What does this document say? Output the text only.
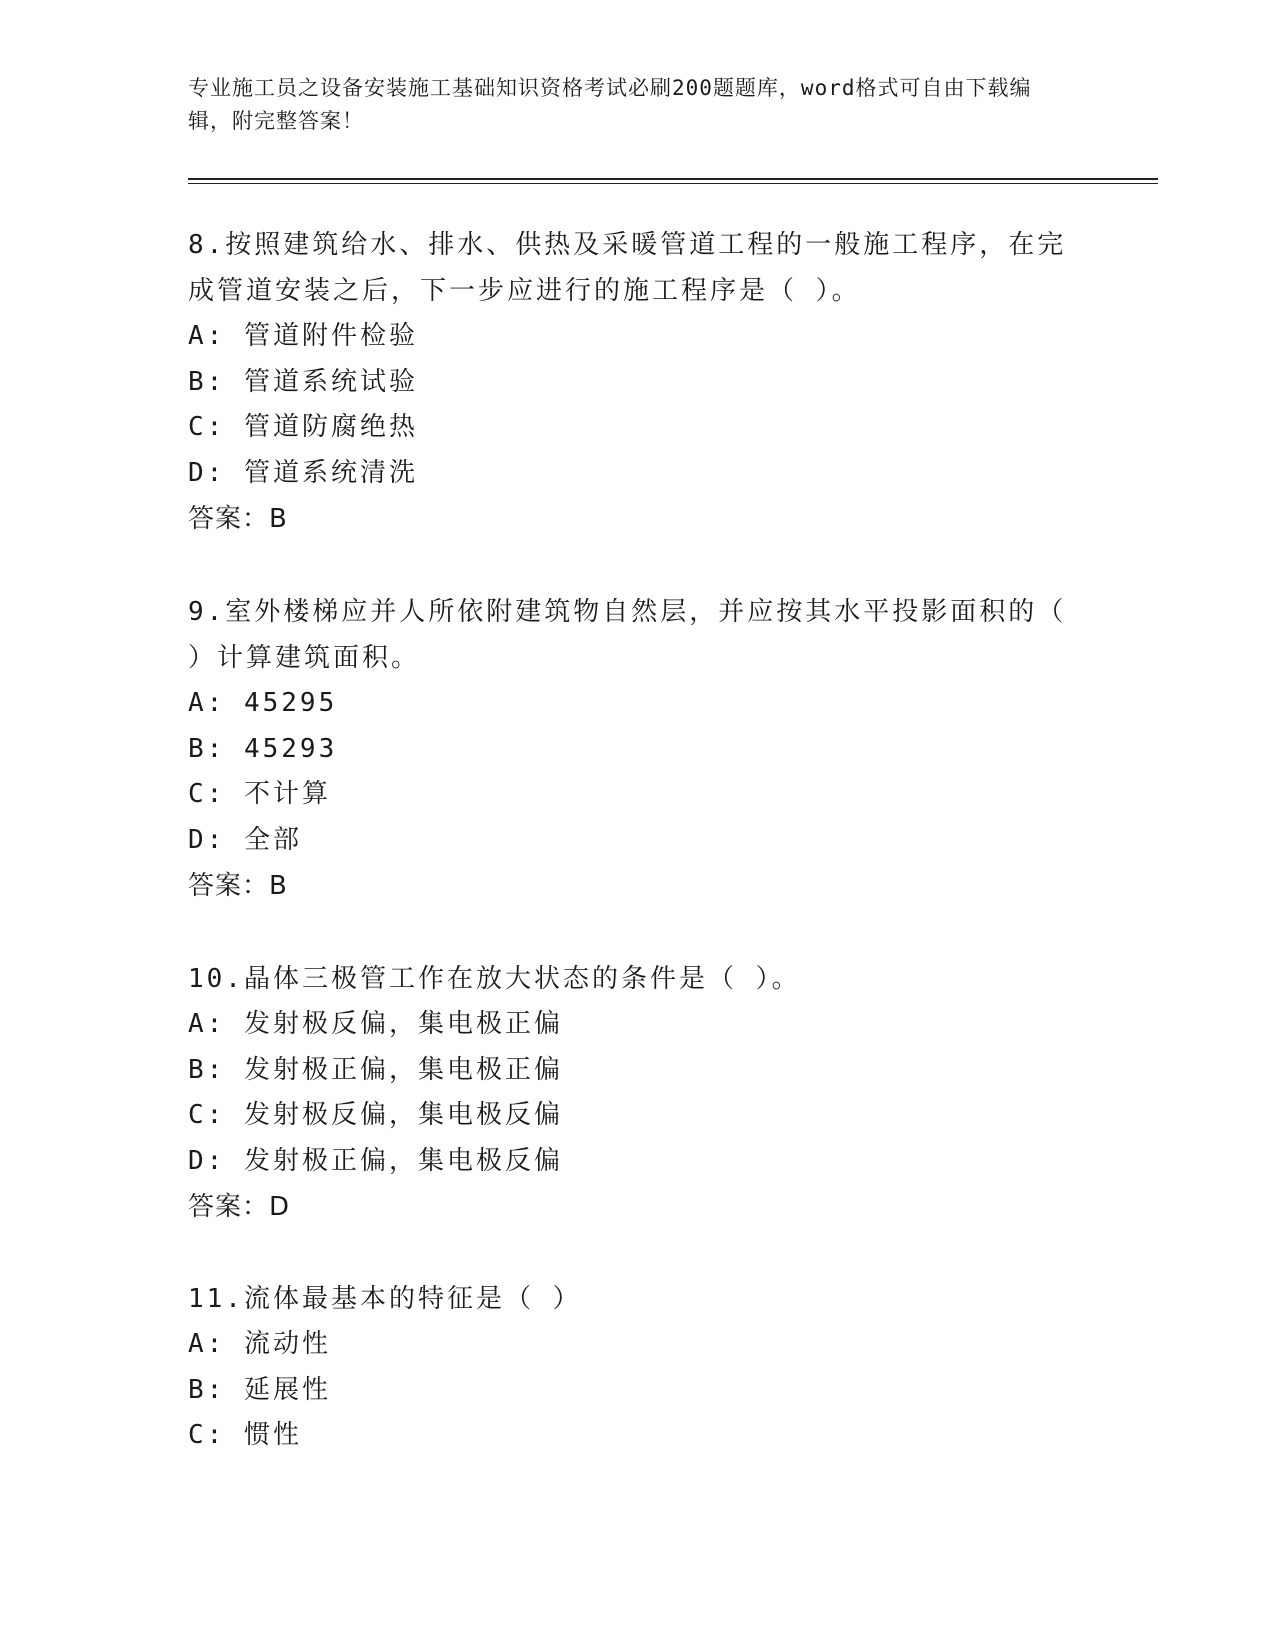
专业施工员之设备安装施工基础知识资格考试必刷200题题库，word格式可自由下载编辑，附完整答案！

8.按照建筑给水、排水、供热及采暖管道工程的一般施工程序，在完成管道安装之后，下一步应进行的施工程序是（ ）。

A: 管道附件检验

B: 管道系统试验

C: 管道防腐绝热

D: 管道系统清洗

答案：B

9.室外楼梯应并人所依附建筑物自然层，并应按其水平投影面积的（ ）计算建筑面积。

A: 45295

B: 45293

C: 不计算

D: 全部

答案：B

10.晶体三极管工作在放大状态的条件是（ ）。

A: 发射极反偏，集电极正偏

B: 发射极正偏，集电极正偏

C: 发射极反偏，集电极反偏

D: 发射极正偏，集电极反偏

答案：D

11.流体最基本的特征是（ ）

A: 流动性

B: 延展性

C: 惯性
